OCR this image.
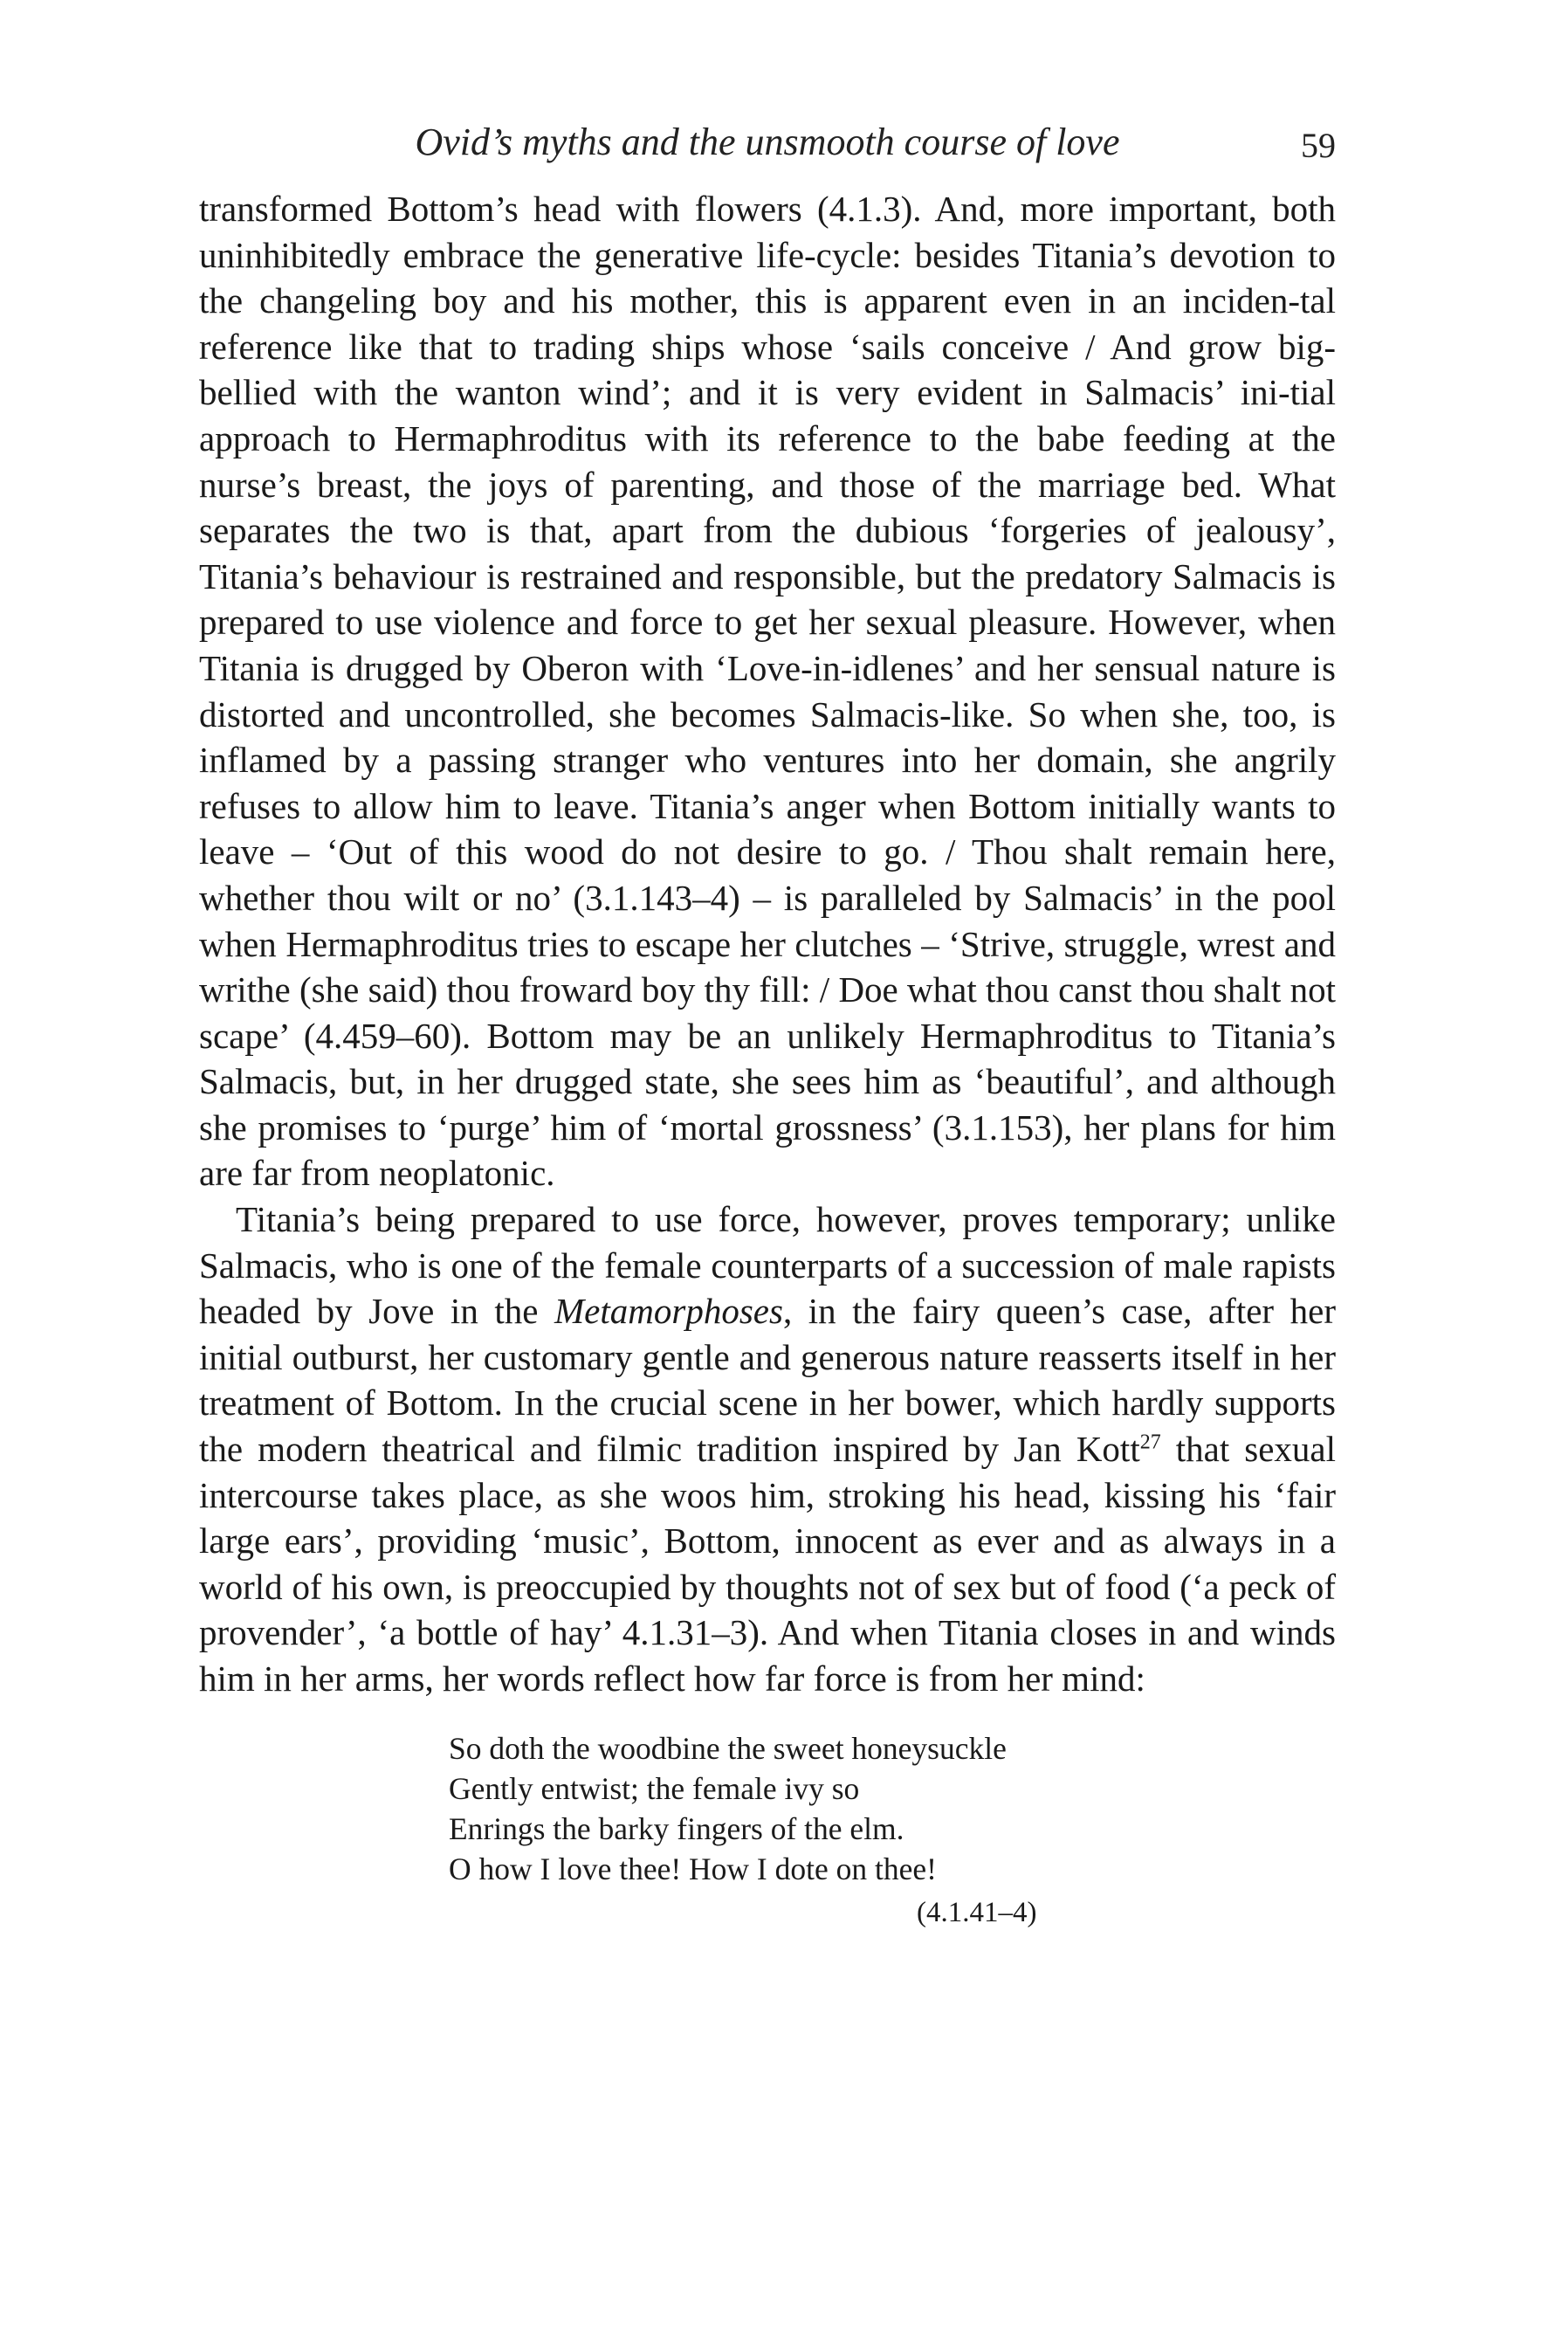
Ovid’s myths and the unsmooth course of love	59

transformed Bottom’s head with flowers (4.1.3). And, more important, both uninhibitedly embrace the generative life-cycle: besides Titania’s devotion to the changeling boy and his mother, this is apparent even in an inciden-tal reference like that to trading ships whose ‘sails conceive / And grow big-bellied with the wanton wind’; and it is very evident in Salmacis’ ini-tial approach to Hermaphroditus with its reference to the babe feeding at the nurse’s breast, the joys of parenting, and those of the marriage bed. What separates the two is that, apart from the dubious ‘forgeries of jealousy’, Titania’s behaviour is restrained and responsible, but the predatory Salmacis is prepared to use violence and force to get her sexual pleasure. However, when Titania is drugged by Oberon with ‘Love-in-idlenes’ and her sensual nature is distorted and uncontrolled, she becomes Salmacis-like. So when she, too, is inflamed by a passing stranger who ventures into her domain, she angrily refuses to allow him to leave. Titania’s anger when Bottom initially wants to leave – ‘Out of this wood do not desire to go. / Thou shalt remain here, whether thou wilt or no’ (3.1.143–4) – is paralleled by Salmacis’ in the pool when Hermaphroditus tries to escape her clutches – ‘Strive, struggle, wrest and writhe (she said) thou froward boy thy fill: / Doe what thou canst thou shalt not scape’ (4.459–60). Bottom may be an unlikely Hermaphroditus to Titania’s Salmacis, but, in her drugged state, she sees him as ‘beautiful’, and although she promises to ‘purge’ him of ‘mortal grossness’ (3.1.153), her plans for him are far from neoplatonic.

Titania’s being prepared to use force, however, proves temporary; unlike Salmacis, who is one of the female counterparts of a succession of male rapists headed by Jove in the Metamorphoses, in the fairy queen’s case, after her initial outburst, her customary gentle and generous nature reasserts itself in her treatment of Bottom. In the crucial scene in her bower, which hardly supports the modern theatrical and filmic tradition inspired by Jan Kott$^{27}$ that sexual intercourse takes place, as she woos him, stroking his head, kissing his ‘fair large ears’, providing ‘music’, Bottom, innocent as ever and as always in a world of his own, is preoccupied by thoughts not of sex but of food (‘a peck of provender’, ‘a bottle of hay’ 4.1.31–3). And when Titania closes in and winds him in her arms, her words reflect how far force is from her mind:

So doth the woodbine the sweet honeysuckle
Gently entwist; the female ivy so
Enrings the barky fingers of the elm.
O how I love thee! How I dote on thee!
(4.1.41–4)
